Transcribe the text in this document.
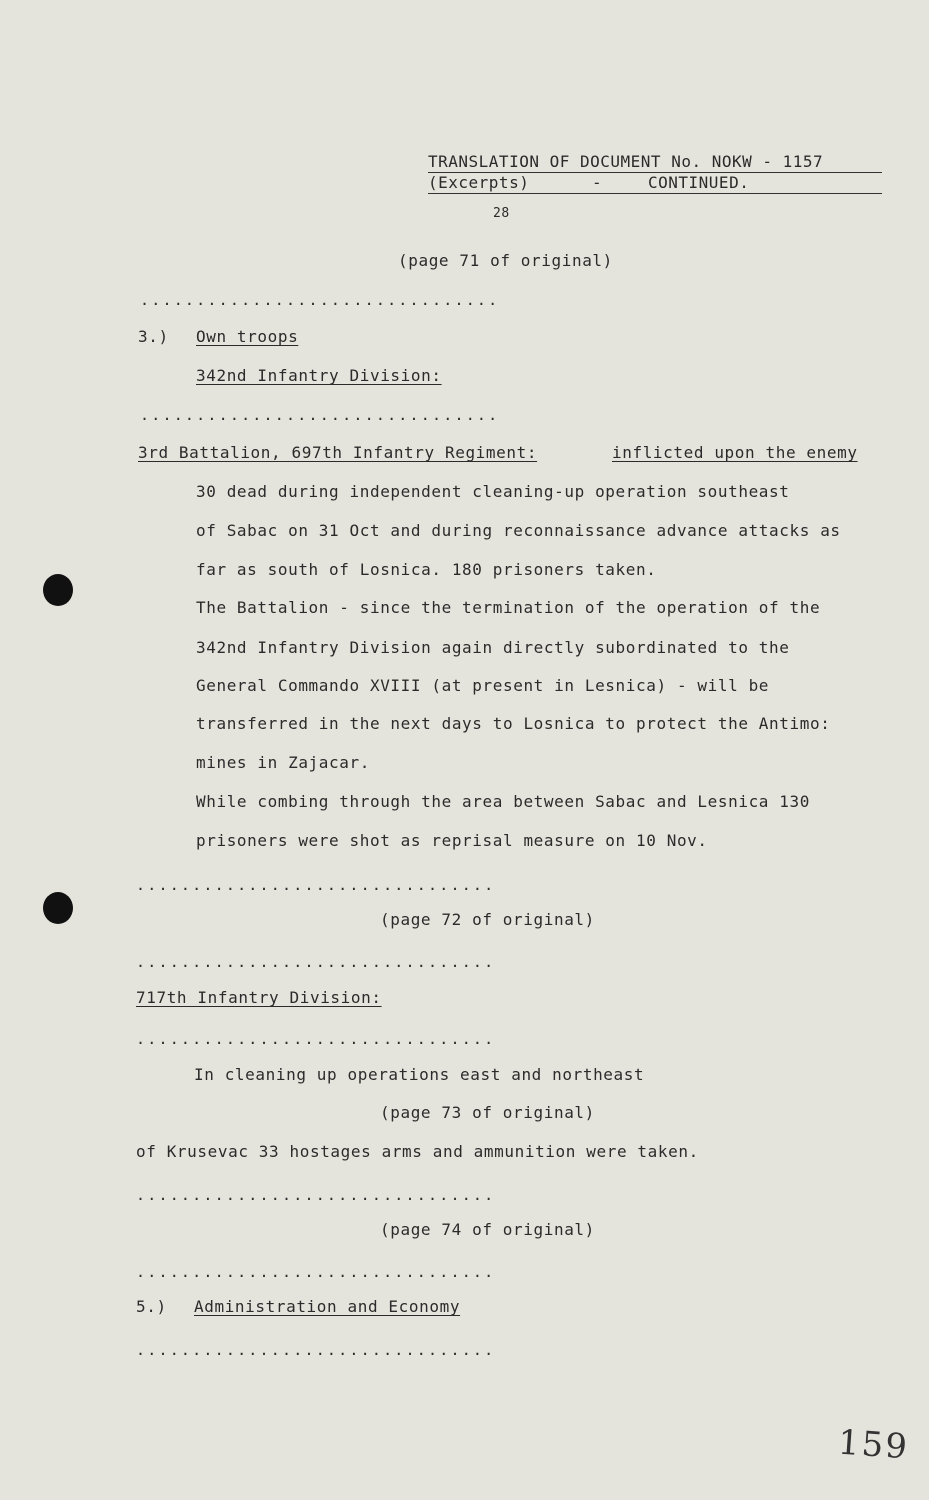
TRANSLATION OF DOCUMENT No. NOKW - 1157
(Excerpts)	-	CONTINUED.
28
(page 71 of original)
................................
3.) Own troops
342nd Infantry Division:
................................
3rd Battalion, 697th Infantry Regiment:	inflicted upon the enemy
30 dead during independent cleaning-up operation southeast
of Sabac on 31 Oct and during reconnaissance advance attacks as
far as south of Losnica. 180 prisoners taken.
The Battalion - since the termination of the operation of the
342nd Infantry Division again directly subordinated to the
General Commando XVIII (at present in Lesnica) - will be
transferred in the next days to Losnica to protect the Antimo:
mines in Zajacar.
While combing through the area between Sabac and Lesnica 130
prisoners were shot as reprisal measure on 10 Nov.
................................
(page 72 of original)
................................
717th Infantry Division:
................................
In cleaning up operations east and northeast
(page 73 of original)
of Krusevac 33 hostages arms and ammunition were taken.
................................
(page 74 of original)
................................
5.) Administration and Economy
................................
159
